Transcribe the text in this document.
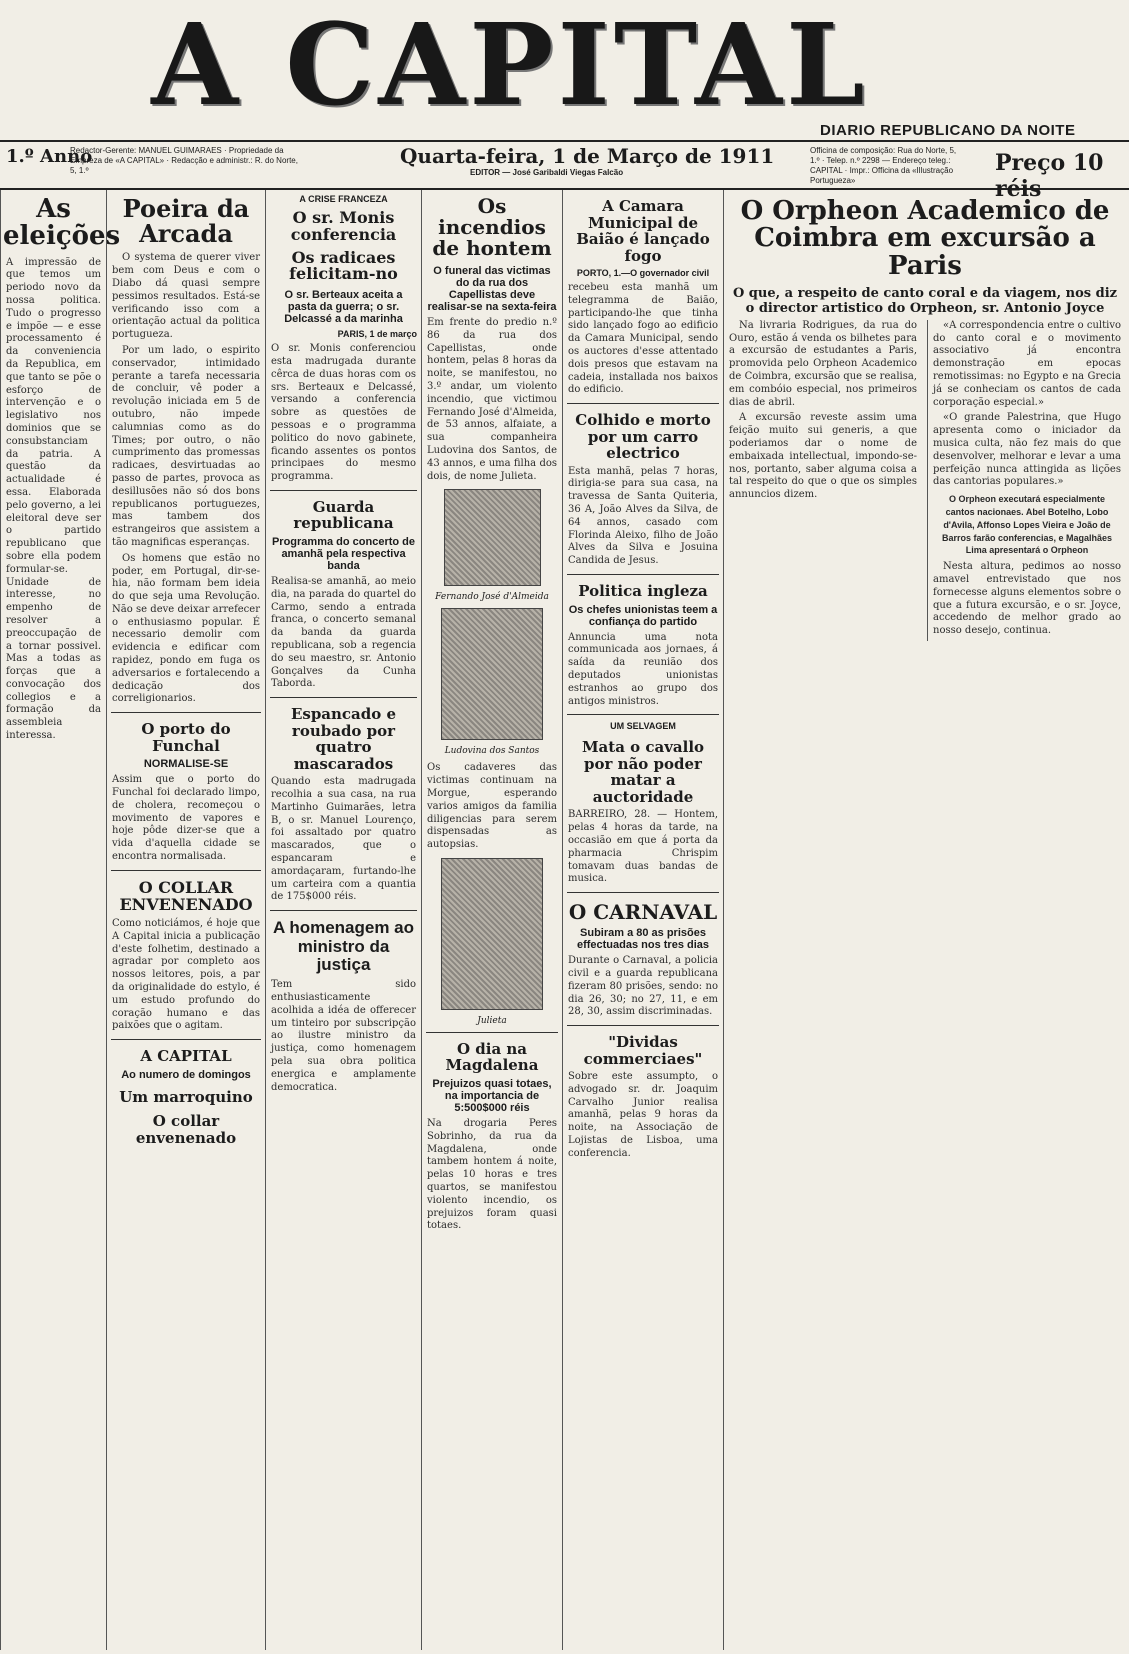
A CAPITAL
DIARIO REPUBLICANO DA NOITE
1.º Anno
Redactor-Gerente: MANUEL GUIMARAES · Propriedade da Empreza de «A CAPITAL» · Redacção e administr.: R. do Norte, 5, 1.º
Quarta-feira, 1 de Março de 1911
EDITOR — José Garibaldi Viegas Falcão
Officina de composição: Rua do Norte, 5, 1.º · Telep. n.º 2298 — Endereço teleg.: CAPITAL · Impr.: Officina da «Illustração Portugueza»
Preço 10 réis
As eleições
A impressão de que temos um periodo novo da nossa politica. Tudo o progresso e impõe — e esse processamento é da conveniencia da Republica, em que tanto se põe o esforço de intervenção e o legislativo nos dominios que se consubstanciam da patria. A questão da actualidade é essa. Elaborada pelo governo, a lei eleitoral deve ser o partido republicano que sobre ella podem formular-se. Unidade de interesse, no empenho de resolver a preoccupação de a tornar possivel. Mas a todas as forças que a convocação dos collegios e a formação da assembleia interessa.
Poeira da Arcada

O systema de querer viver bem com Deus e com o Diabo dá quasi sempre pessimos resultados. Está-se verificando isso com a orientação actual da politica portugueza.

Por um lado, o espirito conservador, intimidado perante a tarefa necessaria de concluir, vê poder a revolução iniciada em 5 de outubro, não impede calumnias como as do Times; por outro, o não cumprimento das promessas radicaes, desvirtuadas ao passo de partes, provoca as desillusões não só dos bons republicanos portuguezes, mas tambem dos estrangeiros que assistem a tão magnificas esperanças.

Os homens que estão no poder, em Portugal, dir-se-hia, não formam bem ideia do que seja uma Revolução. Não se deve deixar arrefecer o enthusiasmo popular. É necessario demolir com evidencia e edificar com rapidez, pondo em fuga os adversarios e fortalecendo a dedicação dos correligionarios.

O porto do Funchal
NORMALISE-SE
Assim que o porto do Funchal foi declarado limpo, de cholera, recomeçou o movimento de vapores e hoje pôde dizer-se que a vida d'aquella cidade se encontra normalisada.
O COLLAR ENVENENADO
Como noticiámos, é hoje que A Capital inicia a publicação d'este folhetim, destinado a agradar por completo aos nossos leitores, pois, a par da originalidade do estylo, é um estudo profundo do coração humano e das paixões que o agitam.
A CAPITAL
Ao numero de domingos
Um marroquino
O collar envenenado
A CRISE FRANCEZA
O sr. Monis conferencia
Os radicaes felicitam-no
O sr. Berteaux aceita a pasta da guerra; o sr. Delcassé a da marinha
PARIS, 1 de março
O sr. Monis conferenciou esta madrugada durante cêrca de duas horas com os srs. Berteaux e Delcassé, versando a conferencia sobre as questões de pessoas e o programma politico do novo gabinete, ficando assentes os pontos principaes do mesmo programma.
Guarda republicana
Programma do concerto de amanhã pela respectiva banda
Realisa-se amanhã, ao meio dia, na parada do quartel do Carmo, sendo a entrada franca, o concerto semanal da banda da guarda republicana, sob a regencia do seu maestro, sr. Antonio Gonçalves da Cunha Taborda.
Espancado e roubado por quatro mascarados
Quando esta madrugada recolhia a sua casa, na rua Martinho Guimarães, letra B, o sr. Manuel Lourenço, foi assaltado por quatro mascarados, que o espancaram e amordaçaram, furtando-lhe um carteira com a quantia de 175$000 réis.
A homenagem ao ministro da justiça
Tem sido enthusiasticamente acolhida a idéa de offerecer um tinteiro por subscripção ao ilustre ministro da justiça, como homenagem pela sua obra politica energica e amplamente democratica.
Os incendios de hontem
O funeral das victimas do da rua dos Capellistas deve realisar-se na sexta-feira
Em frente do predio n.º 86 da rua dos Capellistas, onde hontem, pelas 8 horas da noite, se manifestou, no 3.º andar, um violento incendio, que victimou Fernando José d'Almeida, de 53 annos, alfaiate, a sua companheira Ludovina dos Santos, de 43 annos, e uma filha dos dois, de nome Julieta.
Fernando José d'Almeida
Ludovina dos Santos
Os cadaveres das victimas continuam na Morgue, esperando varios amigos da familia diligencias para serem dispensadas as autopsias.
Julieta
O dia na Magdalena
Prejuizos quasi totaes, na importancia de 5:500$000 réis
Na drogaria Peres Sobrinho, da rua da Magdalena, onde tambem hontem á noite, pelas 10 horas e tres quartos, se manifestou violento incendio, os prejuizos foram quasi totaes.
A Camara Municipal de Baião é lançado fogo
PORTO, 1.—O governador civil
recebeu esta manhã um telegramma de Baião, participando-lhe que tinha sido lançado fogo ao edificio da Camara Municipal, sendo os auctores d'esse attentado dois presos que estavam na cadeia, installada nos baixos do edificio.
Colhido e morto por um carro electrico
Esta manhã, pelas 7 horas, dirigia-se para sua casa, na travessa de Santa Quiteria, 36 A, João Alves da Silva, de 64 annos, casado com Florinda Aleixo, filho de João Alves da Silva e Josuina Candida de Jesus.
Politica ingleza
Os chefes unionistas teem a confiança do partido
Annuncia uma nota communicada aos jornaes, á saída da reunião dos deputados unionistas estranhos ao grupo dos antigos ministros.
UM SELVAGEM
Mata o cavallo por não poder matar a auctoridade
BARREIRO, 28. — Hontem, pelas 4 horas da tarde, na occasião em que á porta da pharmacia Chrispim tomavam duas bandas de musica.
O CARNAVAL
Subiram a 80 as prisões effectuadas nos tres dias
Durante o Carnaval, a policia civil e a guarda republicana fizeram 80 prisões, sendo: no dia 26, 30; no 27, 11, e em 28, 30, assim discriminadas.
"Dividas commerciaes"
Sobre este assumpto, o advogado sr. dr. Joaquim Carvalho Junior realisa amanhã, pelas 9 horas da noite, na Associação de Lojistas de Lisboa, uma conferencia.
O Orpheon Academico de Coimbra em excursão a Paris
O que, a respeito de canto coral e da viagem, nos diz o director artistico do Orpheon, sr. Antonio Joyce

Na livraria Rodrigues, da rua do Ouro, estão á venda os bilhetes para a excursão de estudantes a Paris, promovida pelo Orpheon Academico de Coimbra, excursão que se realisa, em combóio especial, nos primeiros dias de abril.

A excursão reveste assim uma feição muito sui generis, a que poderiamos dar o nome de embaixada intellectual, impondo-se-nos, portanto, saber alguma coisa a tal respeito do que o que os simples annuncios dizem.

«A correspondencia entre o cultivo do canto coral e o movimento associativo já encontra demonstração em epocas remotissimas: no Egypto e na Grecia já se conheciam os cantos de cada corporação especial.»

«O grande Palestrina, que Hugo apresenta como o iniciador da musica culta, não fez mais do que desenvolver, melhorar e levar a uma perfeição nunca attingida as lições das cantorias populares.»

O Orpheon executará especialmente cantos nacionaes. Abel Botelho, Lobo d'Avila, Affonso Lopes Vieira e João de Barros farão conferencias, e Magalhães Lima apresentará o Orpheon

Nesta altura, pedimos ao nosso amavel entrevistado que nos fornecesse alguns elementos sobre o que a futura excursão, e o sr. Joyce, accedendo de melhor grado ao nosso desejo, continua.
